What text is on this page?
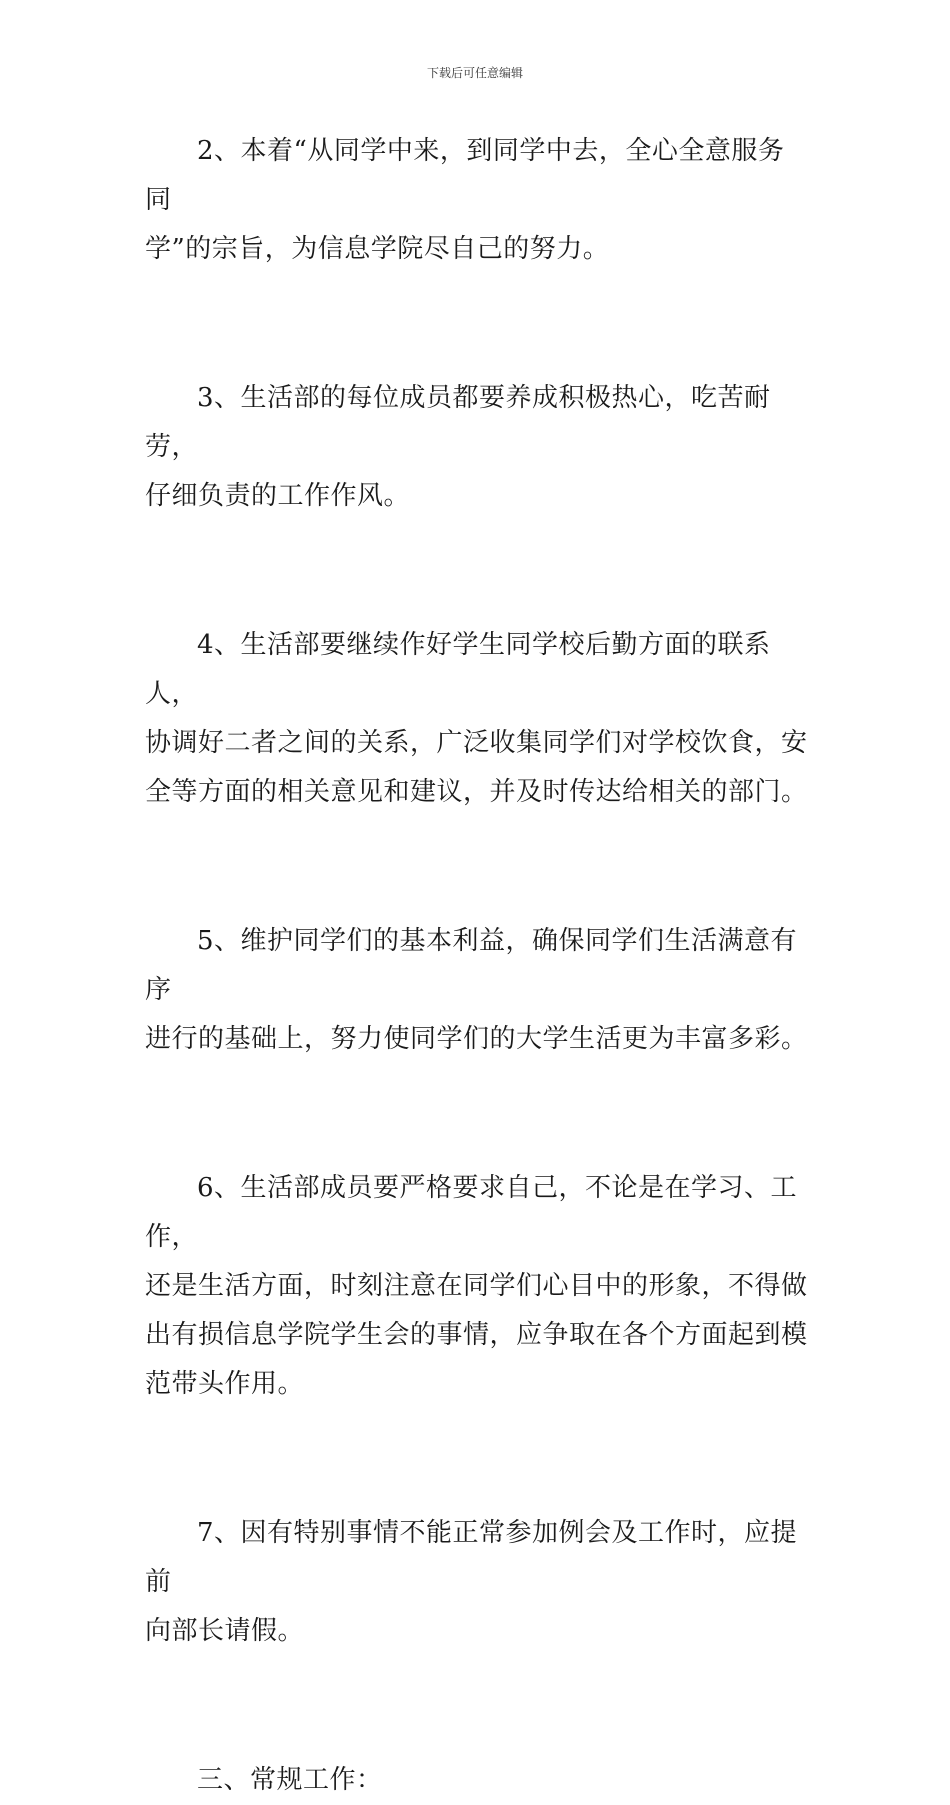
下载后可任意编辑

2、本着“从同学中来，到同学中去，全心全意服务同
学”的宗旨，为信息学院尽自己的努力。

3、生活部的每位成员都要养成积极热心，吃苦耐劳，
仔细负责的工作作风。

4、生活部要继续作好学生同学校后勤方面的联系人，
协调好二者之间的关系，广泛收集同学们对学校饮食，安
全等方面的相关意见和建议，并及时传达给相关的部门。

5、维护同学们的基本利益，确保同学们生活满意有序
进行的基础上，努力使同学们的大学生活更为丰富多彩。

6、生活部成员要严格要求自己，不论是在学习、工作，
还是生活方面，时刻注意在同学们心目中的形象，不得做
出有损信息学院学生会的事情，应争取在各个方面起到模
范带头作用。

7、因有特别事情不能正常参加例会及工作时，应提前
向部长请假。

三、常规工作：
